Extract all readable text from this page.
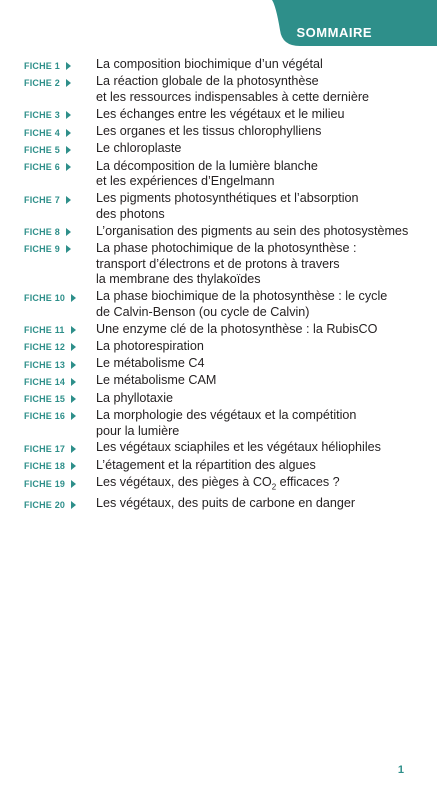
SOMMAIRE
FICHE 1	La composition biochimique d’un végétal
FICHE 2	La réaction globale de la photosynthèse
et les ressources indispensables à cette dernière
FICHE 3	Les échanges entre les végétaux et le milieu
FICHE 4	Les organes et les tissus chlorophylliens
FICHE 5	Le chloroplaste
FICHE 6	La décomposition de la lumière blanche
et les expériences d’Engelmann
FICHE 7	Les pigments photosynthétiques et l’absorption
des photons
FICHE 8	L’organisation des pigments au sein des photosystèmes
FICHE 9	La phase photochimique de la photosynthèse :
transport d’électrons et de protons à travers
la membrane des thylakoïdes
FICHE 10 La phase biochimique de la photosynthèse : le cycle
de Calvin-Benson (ou cycle de Calvin)
FICHE 11 Une enzyme clé de la photosynthèse : la RubisCO
FICHE 12 La photorespiration
FICHE 13 Le métabolisme C4
FICHE 14 Le métabolisme CAM
FICHE 15 La phyllotaxie
FICHE 16 La morphologie des végétaux et la compétition
pour la lumière
FICHE 17 Les végétaux sciaphiles et les végétaux héliophiles
FICHE 18 L’étagement et la répartition des algues
FICHE 19 Les végétaux, des pièges à $CO_2$ efficaces ?
FICHE 20 Les végétaux, des puits de carbone en danger
1
